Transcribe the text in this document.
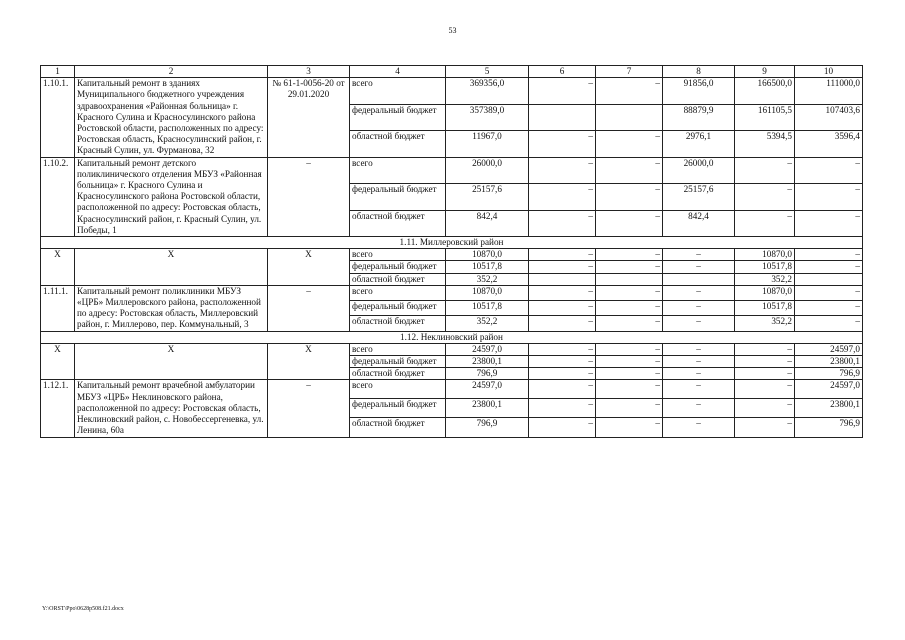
53
1	2	3	4	5	6	7	8	9	10
1.10.1.	Капитальный ремонт в зданиях Муниципального бюджетного учреждения здравоохранения «Районная больница» г. Красного Сулина и Красносулинского района Ростовской области, расположенных по адресу: Ростовская область, Красносулинский район, г. Красный Сулин, ул. Фурманова, 32	№ 61-1-0056-20 от 29.01.2020	всего	369356,0	–	–	91856,0	166500,0	111000,0
			федеральный бюджет	357389,0			88879,9	161105,5	107403,6
			областной бюджет	11967,0	–	–	2976,1	5394,5	3596,4
1.10.2.	Капитальный ремонт детского поликлинического отделения МБУЗ «Районная больница» г. Красного Сулина и Красносулинского района Ростовской области, расположенной по адресу: Ростовская область, Красносулинский район, г. Красный Сулин, ул. Победы, 1	–	всего	26000,0	–	–	26000,0	–	–
			федеральный бюджет	25157,6	–	–	25157,6	–	–
			областной бюджет	842,4	–	–	842,4	–	–
1.11. Миллеровский район									
X	X	X	всего	10870,0	–	–	–	10870,0	–
			федеральный бюджет	10517,8	–	–	–	10517,8	–
			областной бюджет	352,2				352,2	
1.11.1.	Капитальный ремонт поликлиники МБУЗ «ЦРБ» Миллеровского района, расположенной по адресу: Ростовская область, Миллеровский район, г. Миллерово, пер. Коммунальный, 3	–	всего	10870,0	–	–	–	10870,0	–
			федеральный бюджет	10517,8	–	–	–	10517,8	–
			областной бюджет	352,2	–	–	–	352,2	–
1.12. Неклиновский район									
X	X	X	всего	24597,0	–	–	–	–	24597,0
			федеральный бюджет	23800,1	–	–	–	–	23800,1
			областной бюджет	796,9	–	–	–	–	796,9
1.12.1.	Капитальный ремонт врачебной амбулатории МБУЗ «ЦРБ» Неклиновского района, расположенной по адресу: Ростовская область, Неклиновский район, с. Новобессергеневка, ул. Ленина, 60а	–	всего	24597,0	–	–	–	–	24597,0
			федеральный бюджет	23800,1	–	–	–	–	23800,1
			областной бюджет	796,9	–	–	–	–	796,9
Y:\ORST\Ppo\0628p508.f21.docx
